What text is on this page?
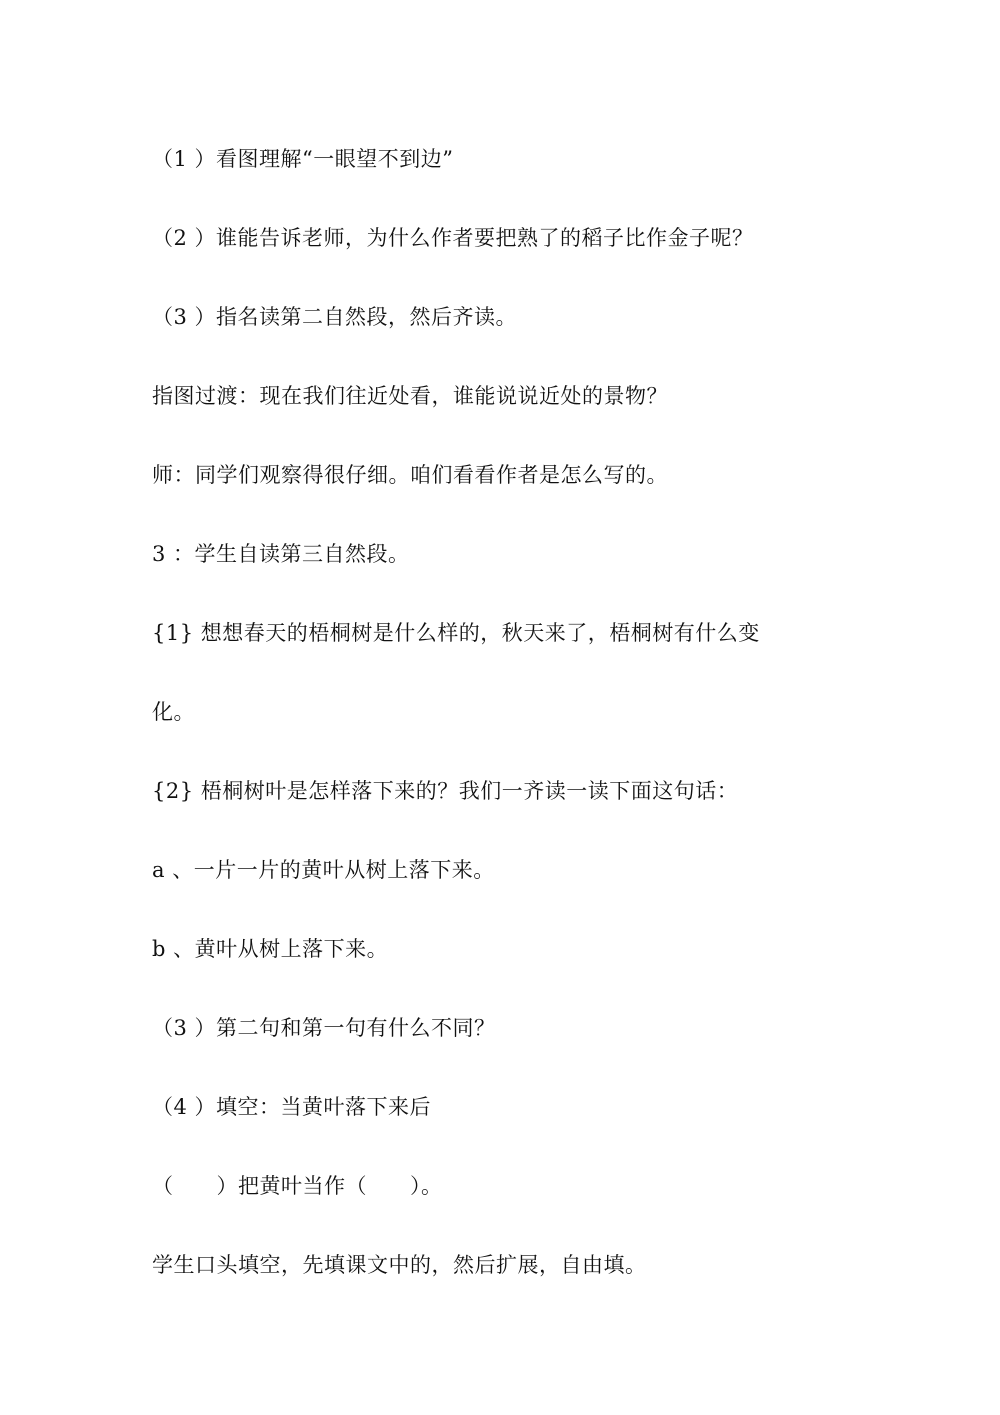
（1 ）看图理解“一眼望不到边”
（2 ）谁能告诉老师，为什么作者要把熟了的稻子比作金子呢？
（3 ）指名读第二自然段，然后齐读。
指图过渡：现在我们往近处看，谁能说说近处的景物？
师：同学们观察得很仔细。咱们看看作者是怎么写的。
3 ：学生自读第三自然段。
{1} 想想春天的梧桐树是什么样的，秋天来了，梧桐树有什么变
化。
{2} 梧桐树叶是怎样落下来的？我们一齐读一读下面这句话：
a 、一片一片的黄叶从树上落下来。
b 、黄叶从树上落下来。
（3 ）第二句和第一句有什么不同？
（4 ）填空：当黄叶落下来后
（　　）把黄叶当作（　　）。
学生口头填空，先填课文中的，然后扩展，自由填。
